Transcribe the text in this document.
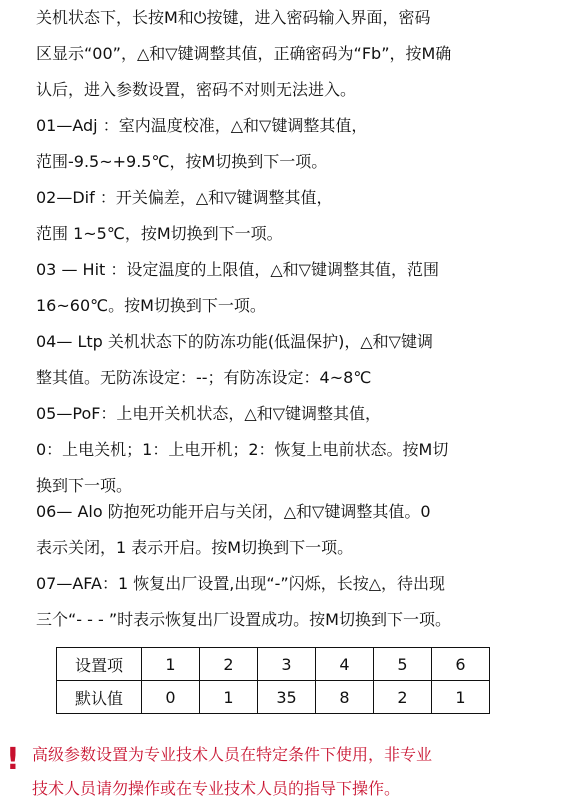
关机状态下，长按M和⏻按键，进入密码输入界面，密码
区显示“00”，△和▽键调整其值，正确密码为“Fb”，按M确
认后，进入参数设置，密码不对则无法进入。
01—Adj ：室内温度校准，△和▽键调整其值，
范围-9.5~+9.5℃，按M切换到下一项。
02—Dif ：开关偏差，△和▽键调整其值，
范围 1~5℃，按M切换到下一项。
03 — Hit ：设定温度的上限值，△和▽键调整其值，范围
16~60℃。按M切换到下一项。
04— Ltp 关机状态下的防冻功能(低温保护)，△和▽键调
整其值。无防冻设定：--；有防冻设定：4~8℃
05—PoF：上电开关机状态，△和▽键调整其值，
0：上电关机；1：上电开机；2：恢复上电前状态。按M切
换到下一项。
06— Alo 防抱死功能开启与关闭，△和▽键调整其值。0
表示关闭，1 表示开启。按M切换到下一项。
07—AFA：1 恢复出厂设置,出现“-”闪烁，长按△，待出现
三个“- - - ”时表示恢复出厂设置成功。按M切换到下一项。
设置项	1	2	3	4	5	6
默认值	0	1	35	8	2	1
! 高级参数设置为专业技术人员在特定条件下使用，非专业
技术人员请勿操作或在专业技术人员的指导下操作。
